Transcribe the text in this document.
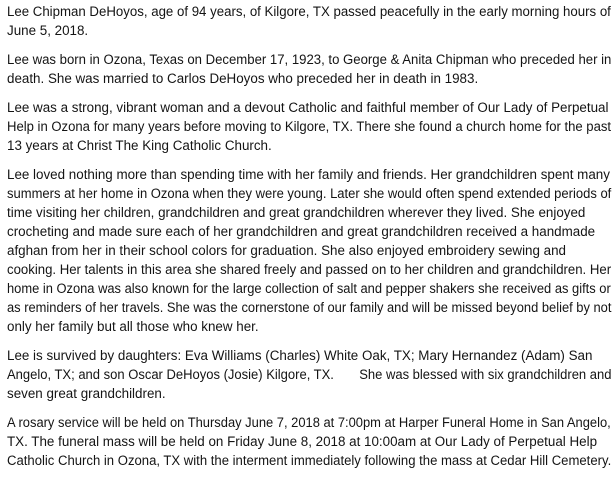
Lee Chipman DeHoyos, age of 94 years, of Kilgore, TX passed peacefully in the early morning hours of
June 5, 2018.

Lee was born in Ozona, Texas on December 17, 1923, to George & Anita Chipman who preceded her in
death. She was married to Carlos DeHoyos who preceded her in death in 1983.

Lee was a strong, vibrant woman and a devout Catholic and faithful member of Our Lady of Perpetual
Help in Ozona for many years before moving to Kilgore, TX. There she found a church home for the past
13 years at Christ The King Catholic Church.

Lee loved nothing more than spending time with her family and friends. Her grandchildren spent many
summers at her home in Ozona when they were young. Later she would often spend extended periods of
time visiting her children, grandchildren and great grandchildren wherever they lived. She enjoyed
crocheting and made sure each of her grandchildren and great grandchildren received a handmade
afghan from her in their school colors for graduation. She also enjoyed embroidery sewing and
cooking. Her talents in this area she shared freely and passed on to her children and grandchildren. Her
home in Ozona was also known for the large collection of salt and pepper shakers she received as gifts or
as reminders of her travels. She was the cornerstone of our family and will be missed beyond belief by not
only her family but all those who knew her.

Lee is survived by daughters: Eva Williams (Charles) White Oak, TX; Mary Hernandez (Adam) San
Angelo, TX; and son Oscar DeHoyos (Josie) Kilgore, TX.       She was blessed with six grandchildren and
seven great grandchildren.

A rosary service will be held on Thursday June 7, 2018 at 7:00pm at Harper Funeral Home in San Angelo,
TX. The funeral mass will be held on Friday June 8, 2018 at 10:00am at Our Lady of Perpetual Help
Catholic Church in Ozona, TX with the interment immediately following the mass at Cedar Hill Cemetery.
